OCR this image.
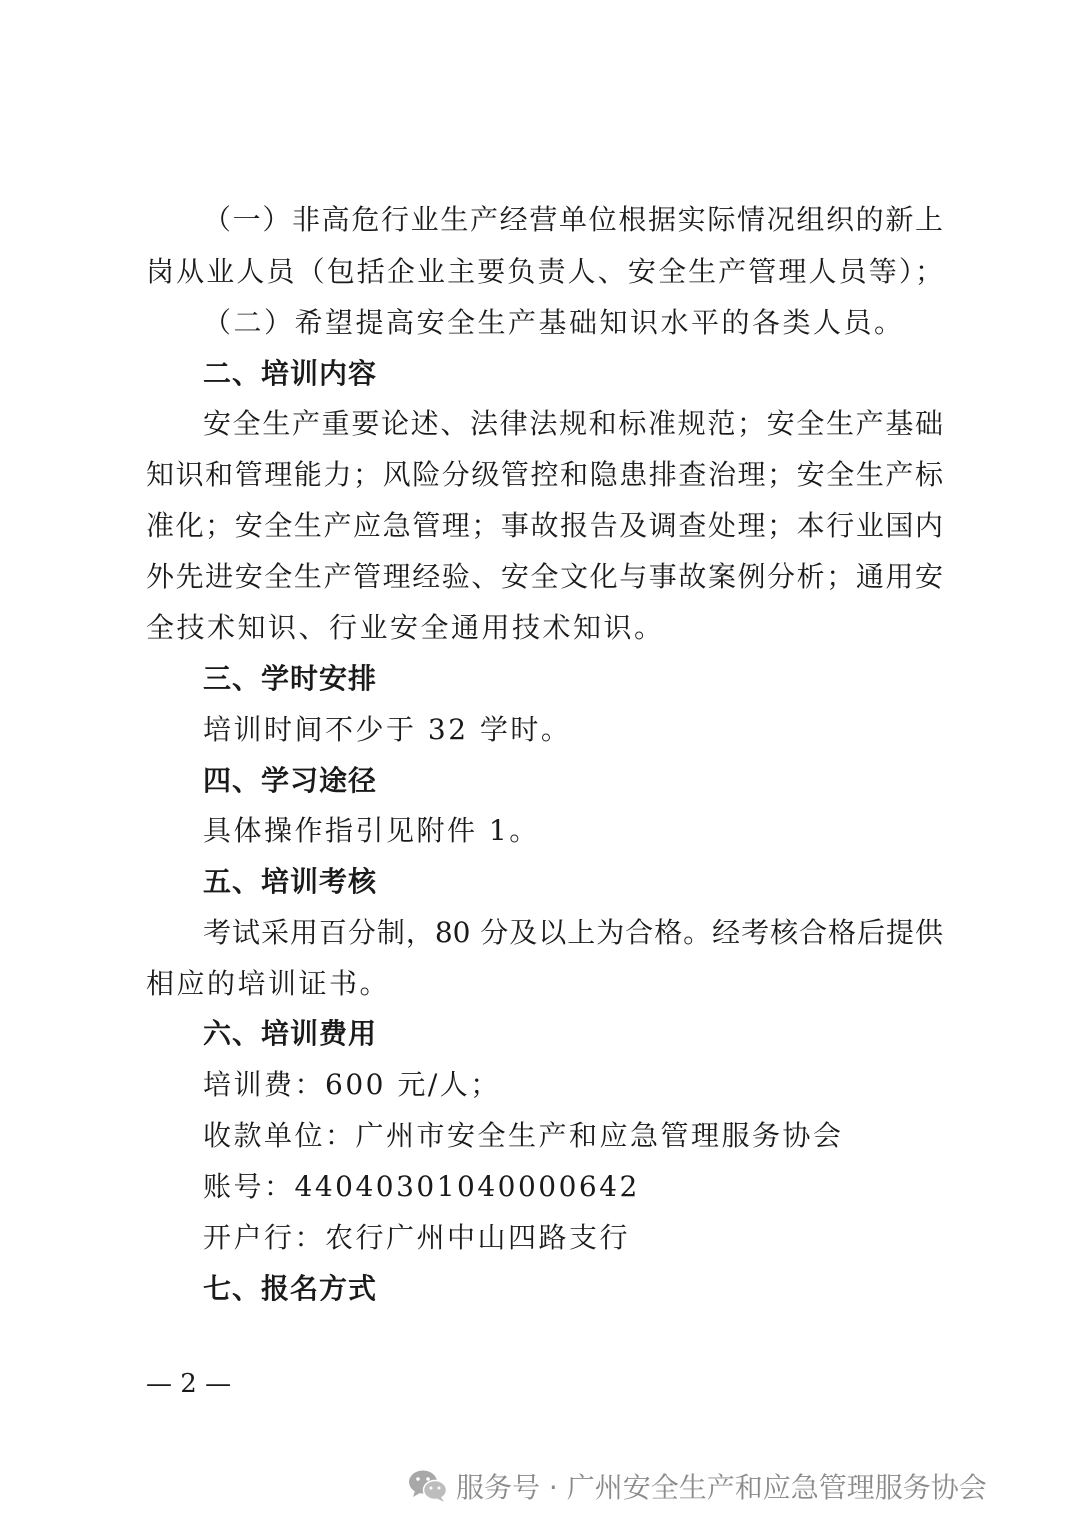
（一）非高危行业生产经营单位根据实际情况组织的新上
岗从业人员（包括企业主要负责人、安全生产管理人员等）；
（二）希望提高安全生产基础知识水平的各类人员。
二、培训内容
安全生产重要论述、法律法规和标准规范；安全生产基础
知识和管理能力；风险分级管控和隐患排查治理；安全生产标
准化；安全生产应急管理；事故报告及调查处理；本行业国内
外先进安全生产管理经验、安全文化与事故案例分析；通用安
全技术知识、行业安全通用技术知识。
三、学时安排
培训时间不少于 32 学时。
四、学习途径
具体操作指引见附件 1。
五、培训考核
考试采用百分制，80 分及以上为合格。经考核合格后提供
相应的培训证书。
六、培训费用
培训费：600 元/人；
收款单位：广州市安全生产和应急管理服务协会
账号：44040301040000642
开户行：农行广州中山四路支行
七、报名方式
— 2 —
服务号 · 广州安全生产和应急管理服务协会
